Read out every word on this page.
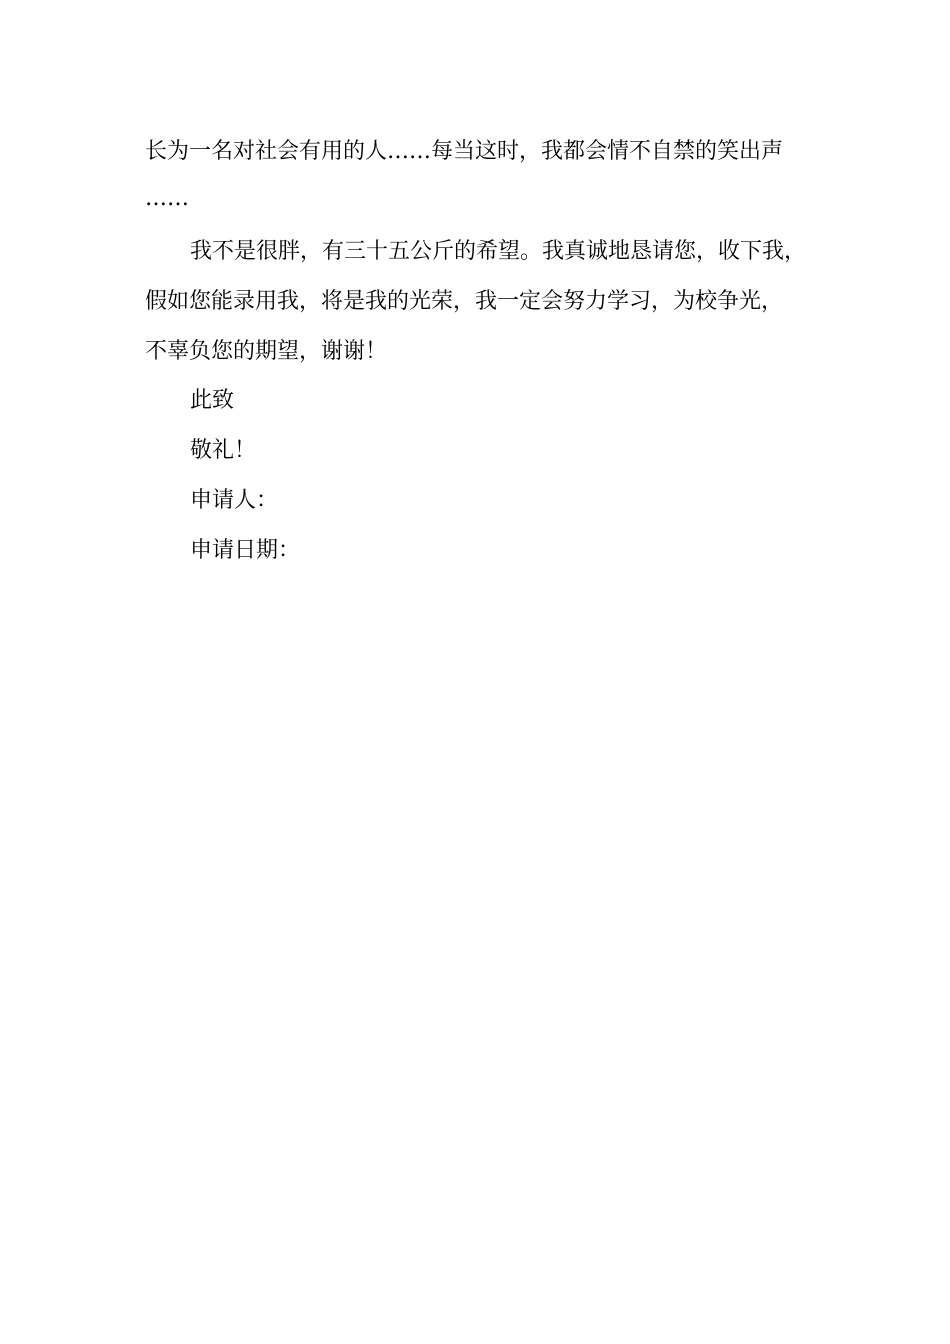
长为一名对社会有用的人……每当这时，我都会情不自禁的笑出声
……
我不是很胖，有三十五公斤的希望。我真诚地恳请您，收下我，
假如您能录用我，将是我的光荣，我一定会努力学习，为校争光，
不辜负您的期望，谢谢！
此致
敬礼！
申请人：
申请日期：
